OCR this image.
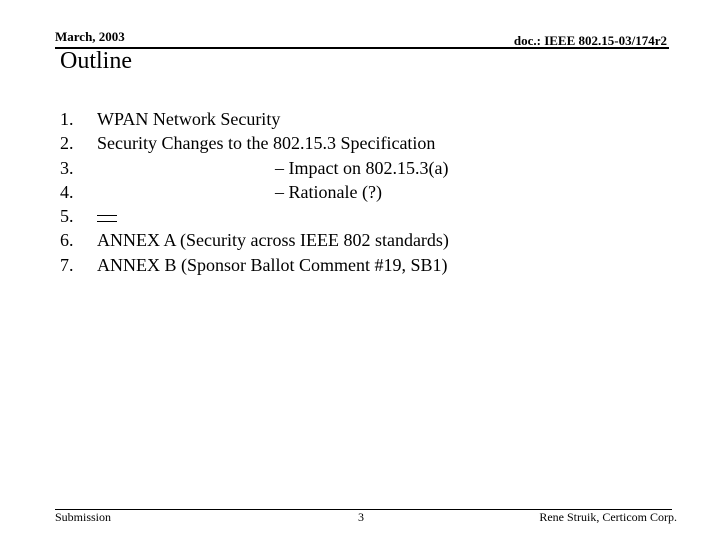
March, 2003	doc.: IEEE 802.15-03/174r2
Outline
1. WPAN Network Security
2. Security Changes to the 802.15.3 Specification
3.	– Impact on 802.15.3(a)
4.	– Rationale (?)
5.
6. ANNEX A (Security across IEEE 802 standards)
7. ANNEX B (Sponsor Ballot Comment #19, SB1)
Submission	3	Rene Struik, Certicom Corp.
